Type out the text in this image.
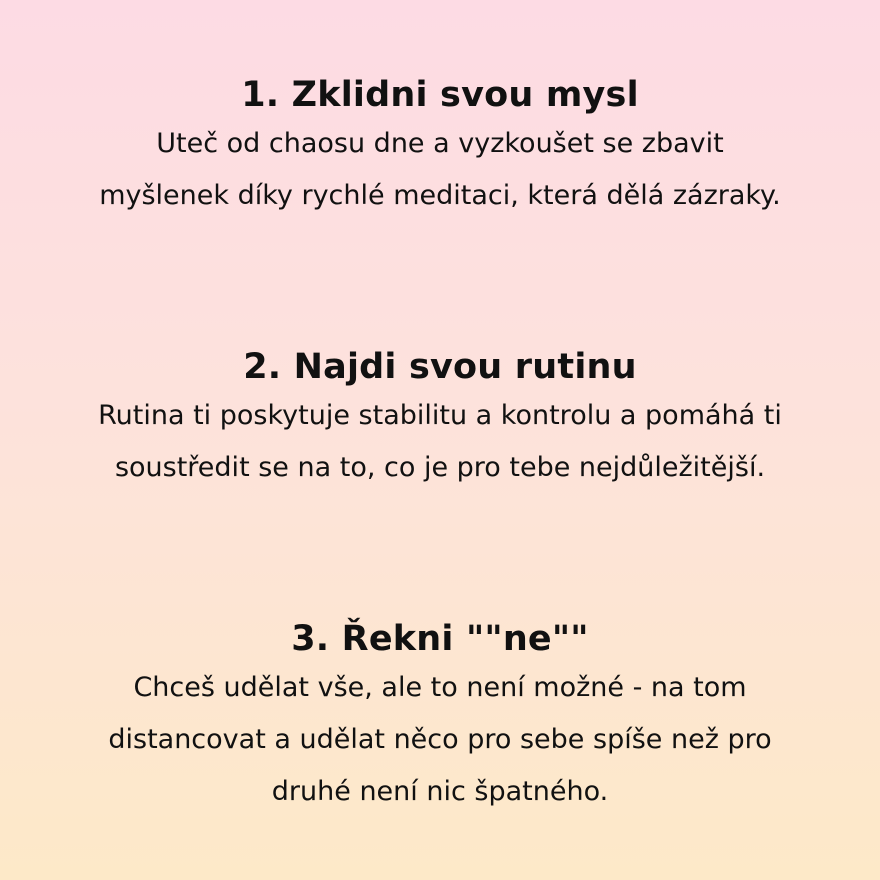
1. Zklidni svou mysl

Uteč od chaosu dne a vyzkoušet se zbavit
myšlenek díky rychlé meditaci, která dělá zázraky.

2. Najdi svou rutinu

Rutina ti poskytuje stabilitu a kontrolu a pomáhá ti
soustředit se na to, co je pro tebe nejdůležitější.

3. Řekni ""ne""

Chceš udělat vše, ale to není možné - na tom
distancovat a udělat něco pro sebe spíše než pro
druhé není nic špatného.
